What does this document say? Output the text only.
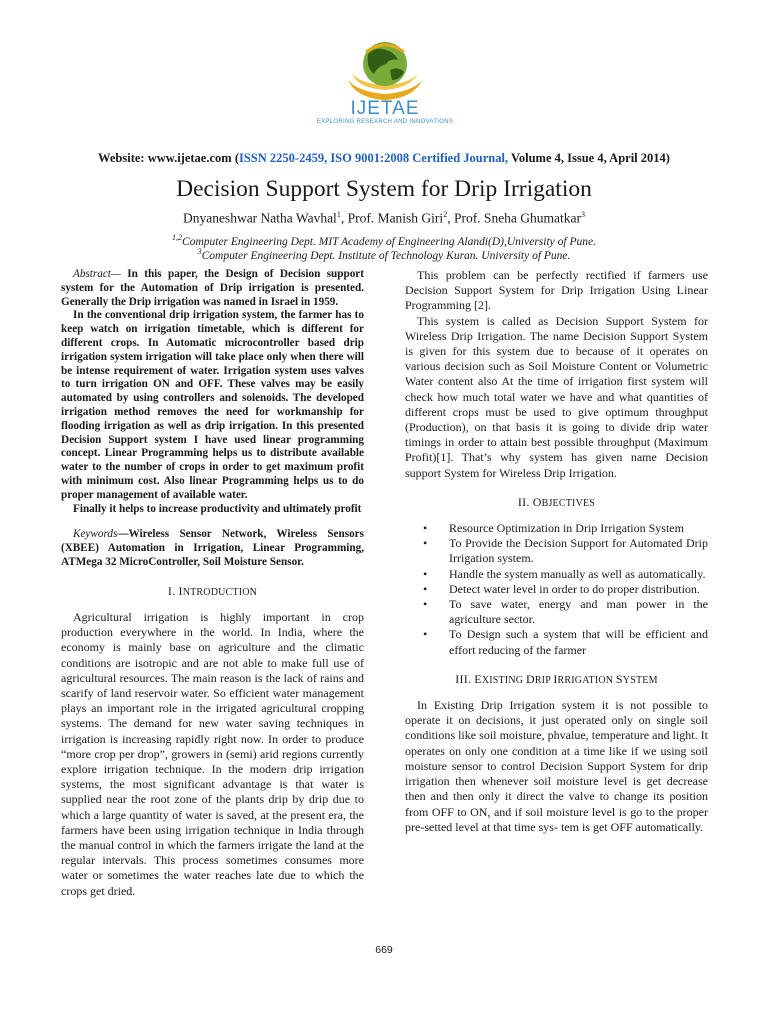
IJETAE
EXPLORING RESEARCH AND INNOVATIONS
Website: www.ijetae.com (ISSN 2250-2459, ISO 9001:2008 Certified Journal, Volume 4, Issue 4, April 2014)
Decision Support System for Drip Irrigation
Dnyaneshwar Natha Wavhal$^1$, Prof. Manish Giri$^2$, Prof. Sneha Ghumatkar$^3$
$^{1,2}$Computer Engineering Dept. MIT Academy of Engineering Alandi(D),University of Pune.
$^3$Computer Engineering Dept. Institute of Technology Kuran. University of Pune.

Abstract— In this paper, the Design of Decision support system for the Automation of Drip irrigation is presented. Generally the Drip irrigation was named in Israel in 1959.

In the conventional drip irrigation system, the farmer has to keep watch on irrigation timetable, which is different for different crops. In Automatic microcontroller based drip irrigation system irrigation will take place only when there will be intense requirement of water. Irrigation system uses valves to turn irrigation ON and OFF. These valves may be easily automated by using controllers and solenoids. The developed irrigation method removes the need for workmanship for flooding irrigation as well as drip irrigation. In this presented Decision Support system I have used linear programming concept. Linear Programming helps us to distribute available water to the number of crops in order to get maximum profit with minimum cost. Also linear Programming helps us to do proper management of available water.

Finally it helps to increase productivity and ultimately profit

Keywords—Wireless Sensor Network, Wireless Sensors (XBEE) Automation in Irrigation, Linear Programming, ATMega 32 MicroController, Soil Moisture Sensor.

I. INTRODUCTION

Agricultural irrigation is highly important in crop production everywhere in the world. In India, where the economy is mainly base on agriculture and the climatic conditions are isotropic and are not able to make full use of agricultural resources. The main reason is the lack of rains and scarify of land reservoir water. So efficient water management plays an important role in the irrigated agricultural cropping systems. The demand for new water saving techniques in irrigation is increasing rapidly right now. In order to produce “more crop per drop”, growers in (semi) arid regions currently explore irrigation technique. In the modern drip irrigation systems, the most significant advantage is that water is supplied near the root zone of the plants drip by drip due to which a large quantity of water is saved, at the present era, the farmers have been using irrigation technique in India through the manual control in which the farmers irrigate the land at the regular intervals. This process sometimes consumes more water or sometimes the water reaches late due to which the crops get dried.

This problem can be perfectly rectified if farmers use Decision Support System for Drip Irrigation Using Linear Programming [2].

This system is called as Decision Support System for Wireless Drip Irrigation. The name Decision Support System is given for this system due to because of it operates on various decision such as Soil Moisture Content or Volumetric Water content also At the time of irrigation first system will check how much total water we have and what quantities of different crops must be used to give optimum throughput (Production), on that basis it is going to divide drip water timings in order to attain best possible throughput (Maximum Profit)[1]. That’s why system has given name Decision support System for Wireless Drip Irrigation.

II. OBJECTIVES
• Resource Optimization in Drip Irrigation System
• To Provide the Decision Support for Automated Drip Irrigation system.
• Handle the system manually as well as automatically.
• Detect water level in order to do proper distribution.
• To save water, energy and man power in the agriculture sector.
• To Design such a system that will be efficient and effort reducing of the farmer
III. EXISTING DRIP IRRIGATION SYSTEM

In Existing Drip Irrigation system it is not possible to operate it on decisions, it just operated only on single soil conditions like soil moisture, phvalue, temperature and light. It operates on only one condition at a time like if we using soil moisture sensor to control Decision Support System for drip irrigation then whenever soil moisture level is get decrease then and then only it direct the valve to change its position from OFF to ON, and if soil moisture level is go to the proper pre-setted level at that time sys- tem is get OFF automatically.

669
